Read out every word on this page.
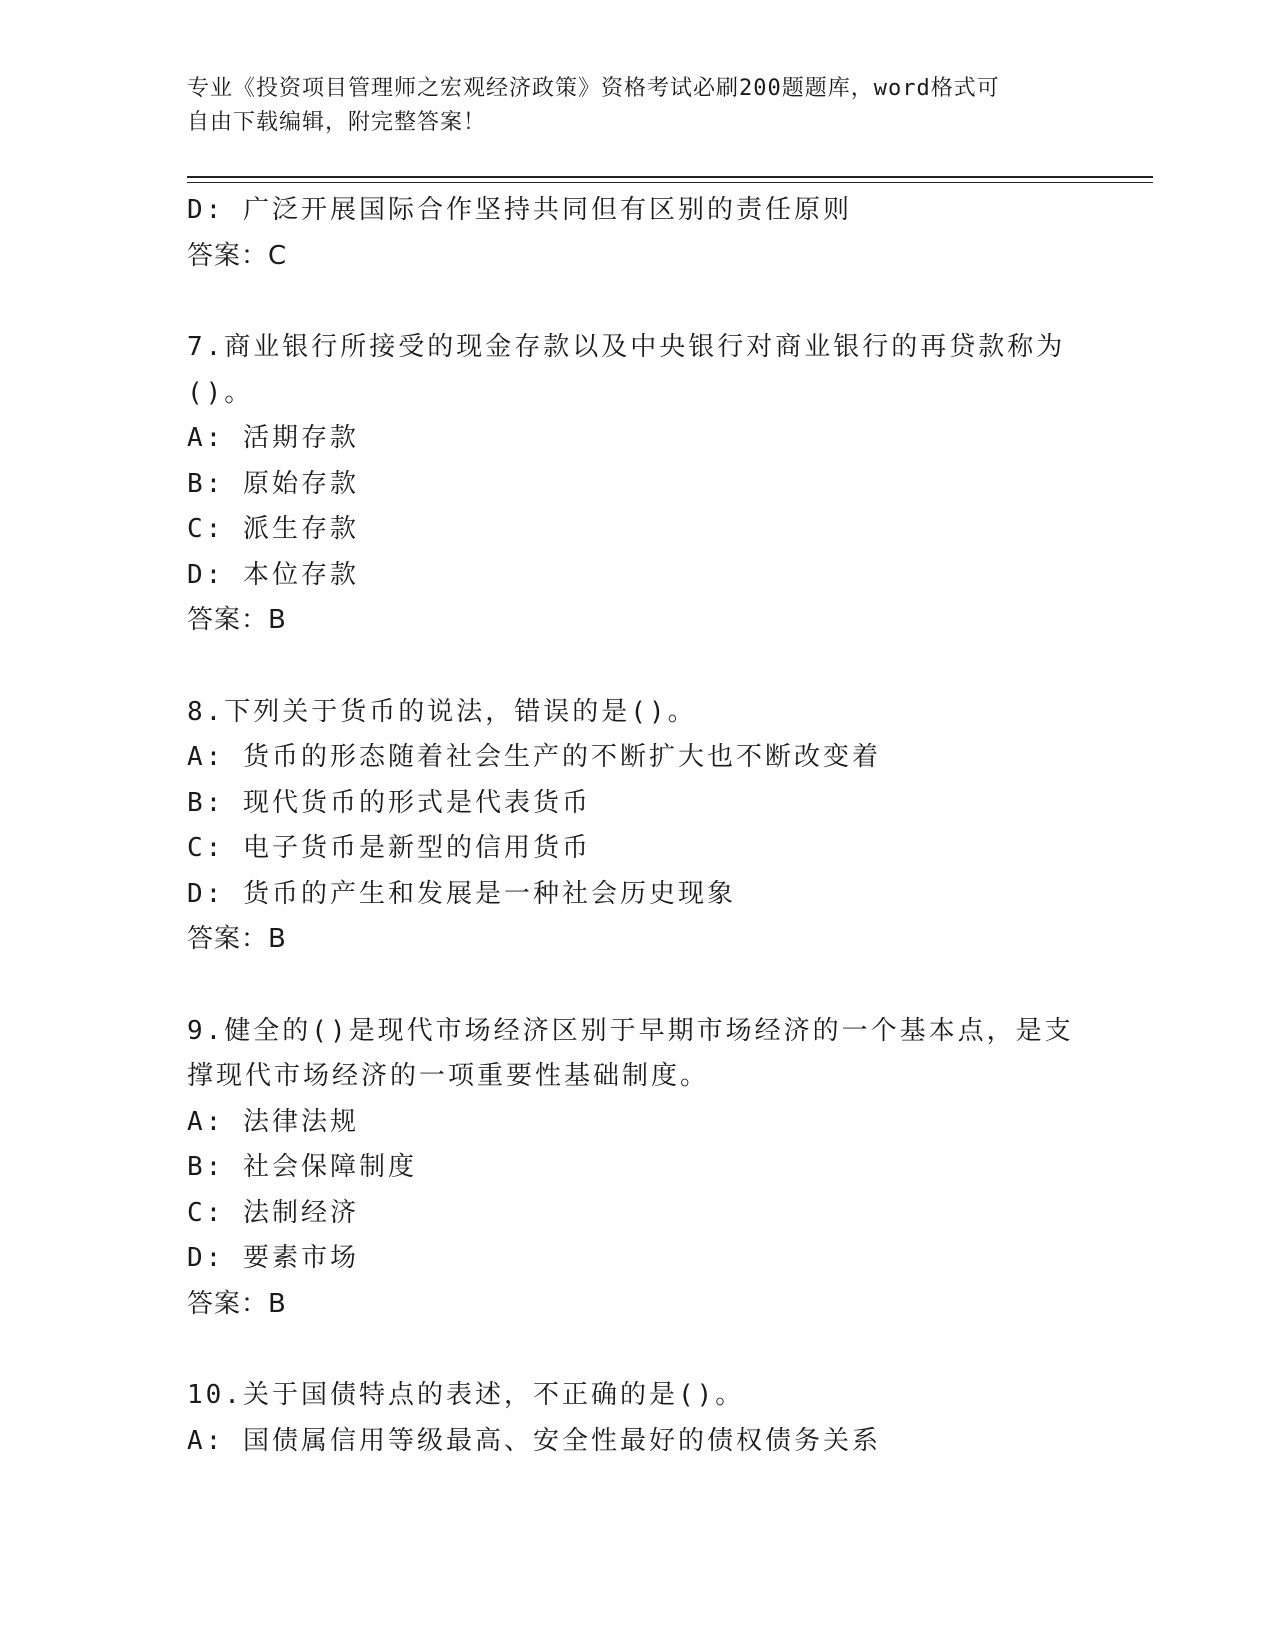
专业《投资项目管理师之宏观经济政策》资格考试必刷200题题库，word格式可
自由下载编辑，附完整答案！
D: 广泛开展国际合作坚持共同但有区别的责任原则
答案：C
7.商业银行所接受的现金存款以及中央银行对商业银行的再贷款称为
()。
A: 活期存款
B: 原始存款
C: 派生存款
D: 本位存款
答案：B
8.下列关于货币的说法，错误的是()。
A: 货币的形态随着社会生产的不断扩大也不断改变着
B: 现代货币的形式是代表货币
C: 电子货币是新型的信用货币
D: 货币的产生和发展是一种社会历史现象
答案：B
9.健全的()是现代市场经济区别于早期市场经济的一个基本点，是支
撑现代市场经济的一项重要性基础制度。
A: 法律法规
B: 社会保障制度
C: 法制经济
D: 要素市场
答案：B
10.关于国债特点的表述，不正确的是()。
A: 国债属信用等级最高、安全性最好的债权债务关系
